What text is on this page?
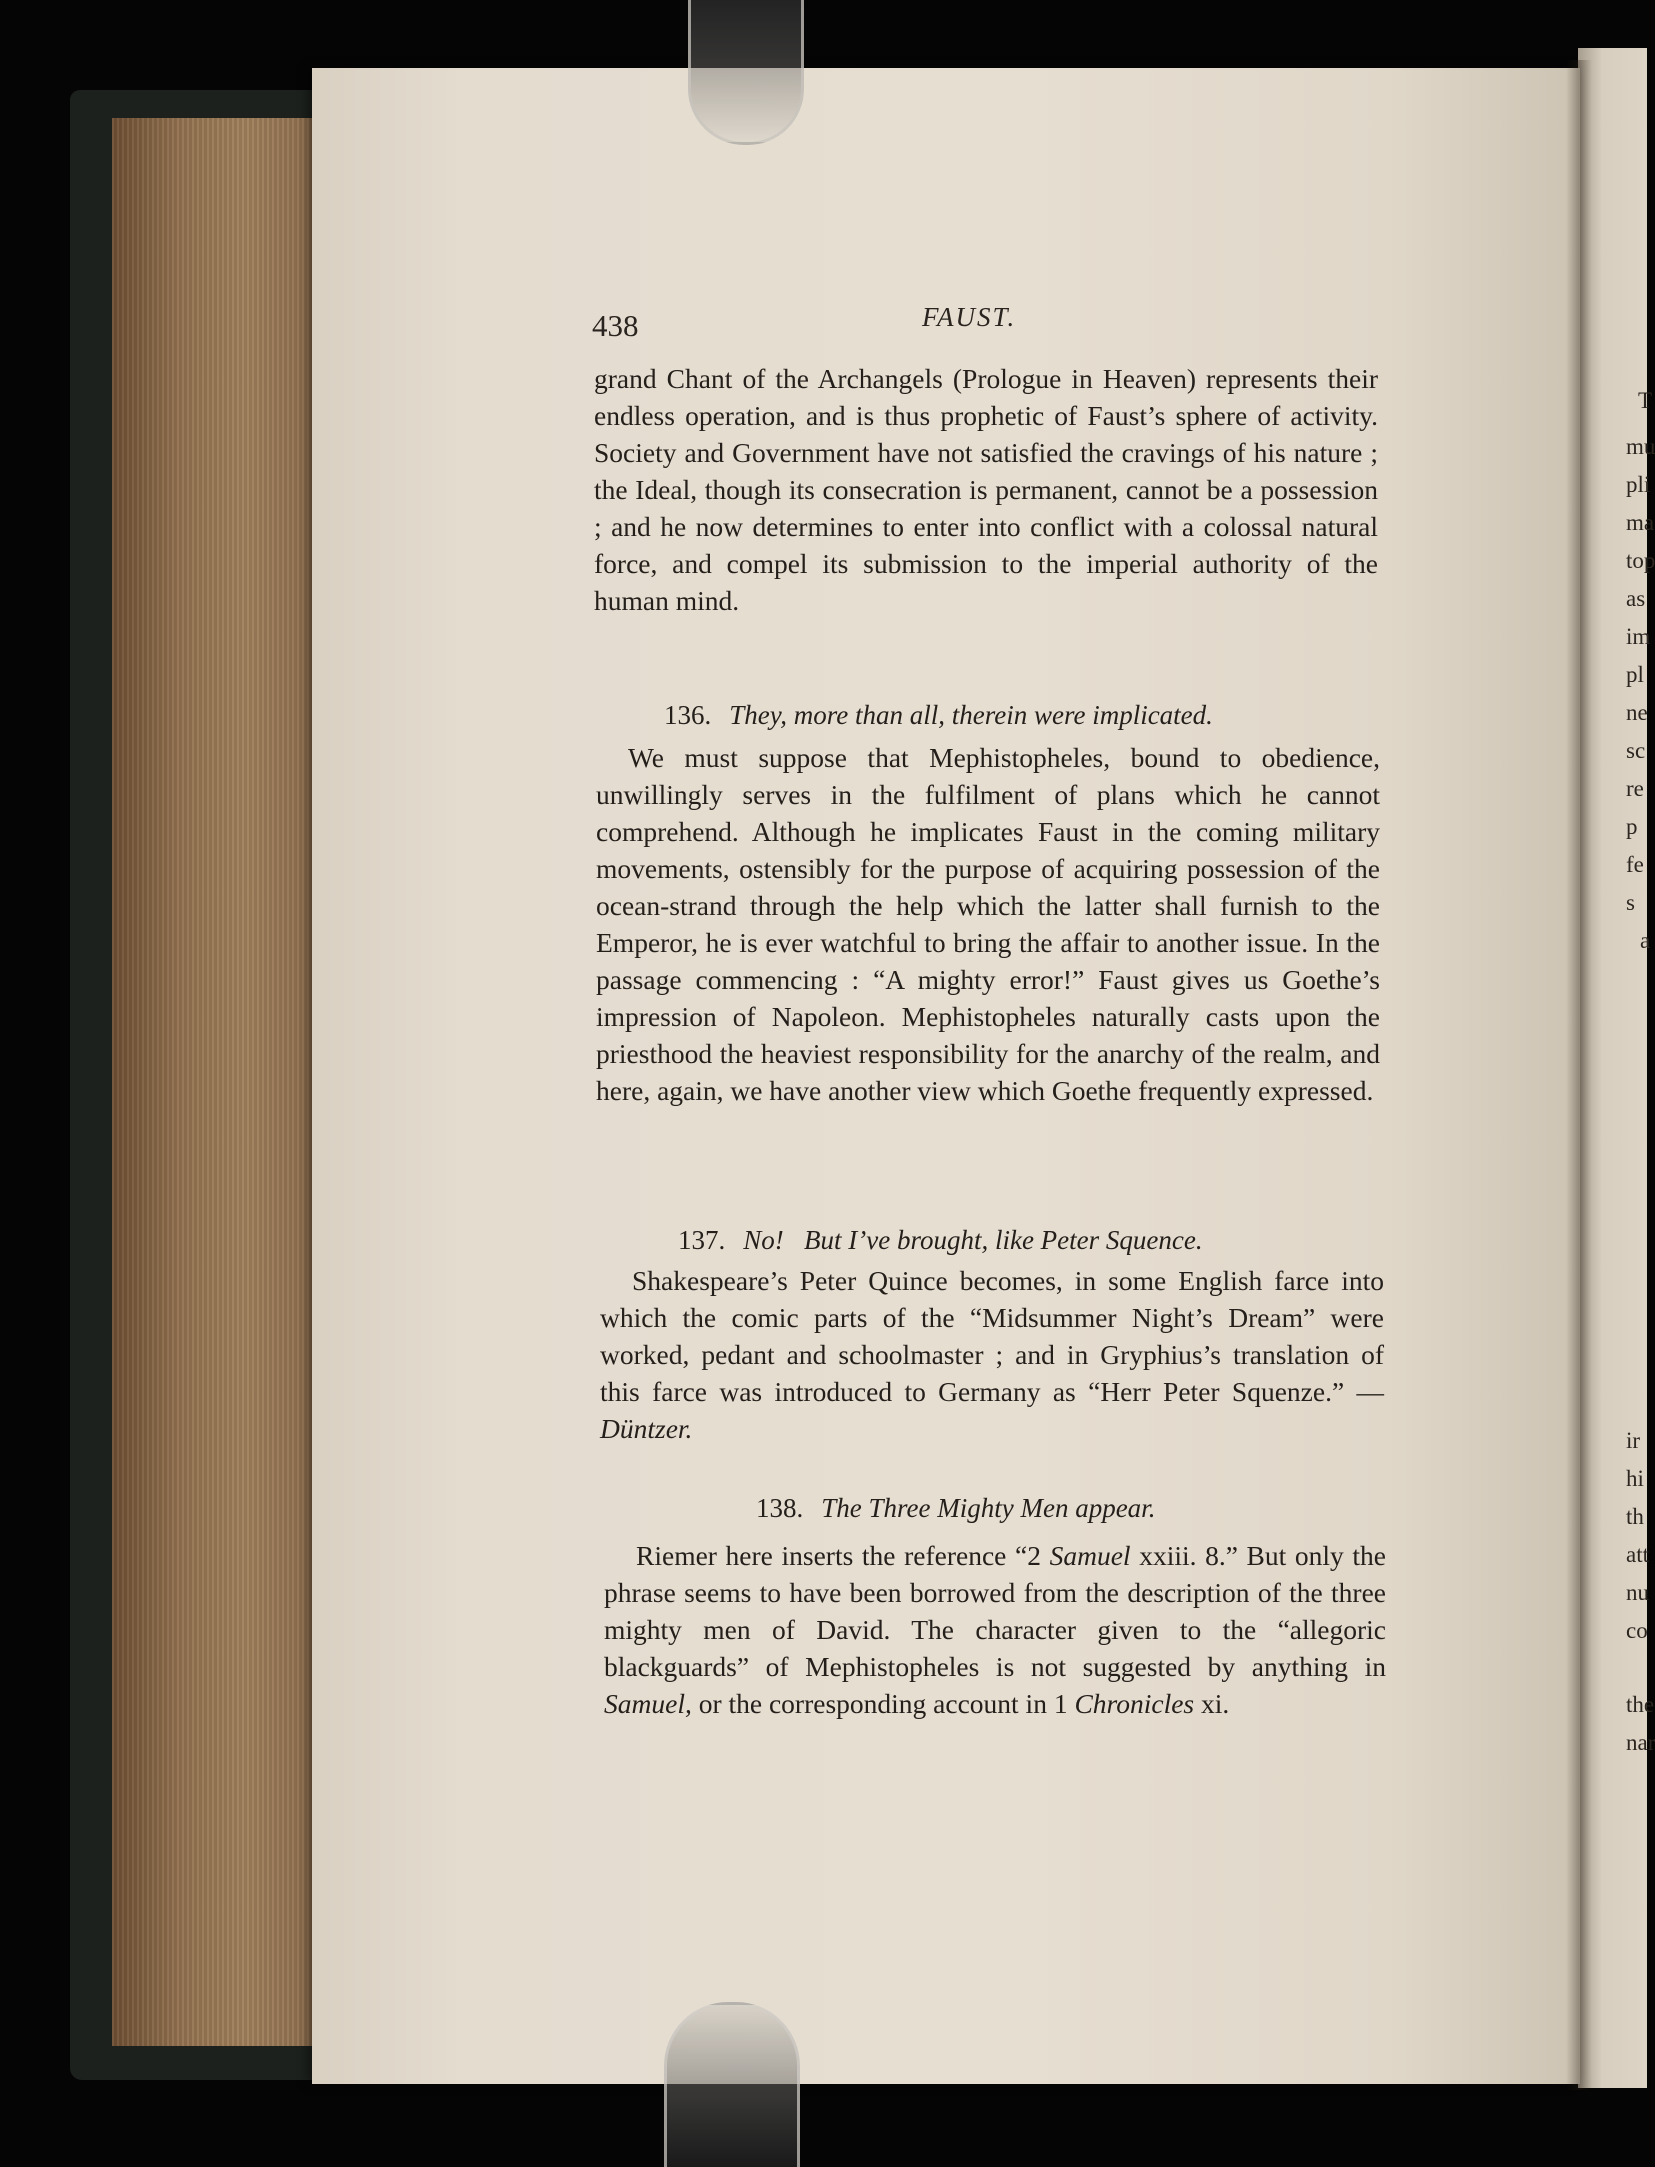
438	FAUST.

grand Chant of the Archangels (Prologue in Heaven) represents their endless operation, and is thus prophetic of Faust’s sphere of activity. Society and Government have not satisfied the cravings of his nature ; the Ideal, though its consecration is permanent, cannot be a possession ; and he now determines to enter into conflict with a colossal natural force, and compel its submission to the imperial authority of the human mind.

136. They, more than all, therein were implicated.

We must suppose that Mephistopheles, bound to obedience, unwillingly serves in the fulfilment of plans which he cannot comprehend. Although he implicates Faust in the coming military movements, ostensibly for the purpose of acquiring possession of the ocean-strand through the help which the latter shall furnish to the Emperor, he is ever watchful to bring the affair to another issue. In the passage commencing : “A mighty error!” Faust gives us Goethe’s impression of Napoleon. Mephistopheles naturally casts upon the priesthood the heaviest responsibility for the anarchy of the realm, and here, again, we have another view which Goethe frequently expressed.

137. No! But I’ve brought, like Peter Squence.

Shakespeare’s Peter Quince becomes, in some English farce into which the comic parts of the “Midsummer Night’s Dream” were worked, pedant and schoolmaster ; and in Gryphius’s translation of this farce was introduced to Germany as “Herr Peter Squenze.” — Düntzer.

138. The Three Mighty Men appear.

Riemer here inserts the reference “2 Samuel xxiii. 8.” But only the phrase seems to have been borrowed from the description of the three mighty men of David. The character given to the “allegoric blackguards” of Mephistopheles is not suggested by anything in Samuel, or the corresponding account in 1 Chronicles xi.

T
mu
pli
ma
top
as
im
pl
ne
sc
re
p
fe
s
a
ir
hi
th
att
nu
co
the
nar
